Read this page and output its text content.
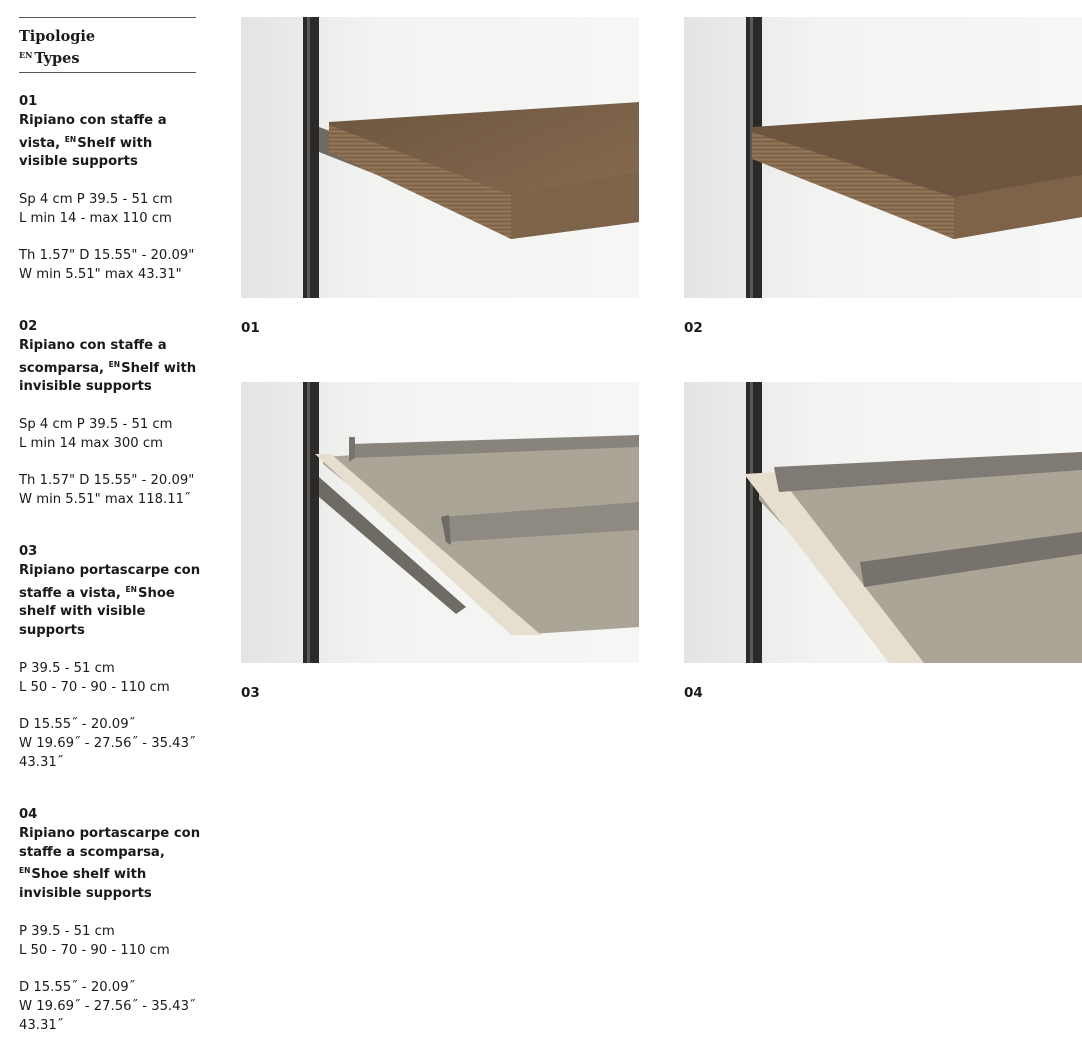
Tipologie
$^{EN}$ Types
01
Ripiano con staffe a vista, $^{EN}$Shelf with visible supports
Sp 4 cm P 39.5 - 51 cm
L min 14 - max 110 cm
Th 1.57" D 15.55" - 20.09"
W min 5.51" max 43.31"
02
Ripiano con staffe a scomparsa, $^{EN}$Shelf with invisible supports
Sp 4 cm P 39.5 - 51 cm
L min 14 max 300 cm
Th 1.57" D 15.55" - 20.09"
W min 5.51" max 118.11˝
03
Ripiano portascarpe con staffe a vista, $^{EN}$Shoe shelf with visible supports
P 39.5 - 51 cm
L 50 - 70 - 90 - 110 cm
D 15.55˝ - 20.09˝
W 19.69˝ - 27.56˝ - 35.43˝
43.31˝
04
Ripiano portascarpe con staffe a scomparsa, $^{EN}$Shoe shelf with invisible supports
P 39.5 - 51 cm
L 50 - 70 - 90 - 110 cm
D 15.55˝ - 20.09˝
W 19.69˝ - 27.56˝ - 35.43˝
43.31˝
01	02
03	04
